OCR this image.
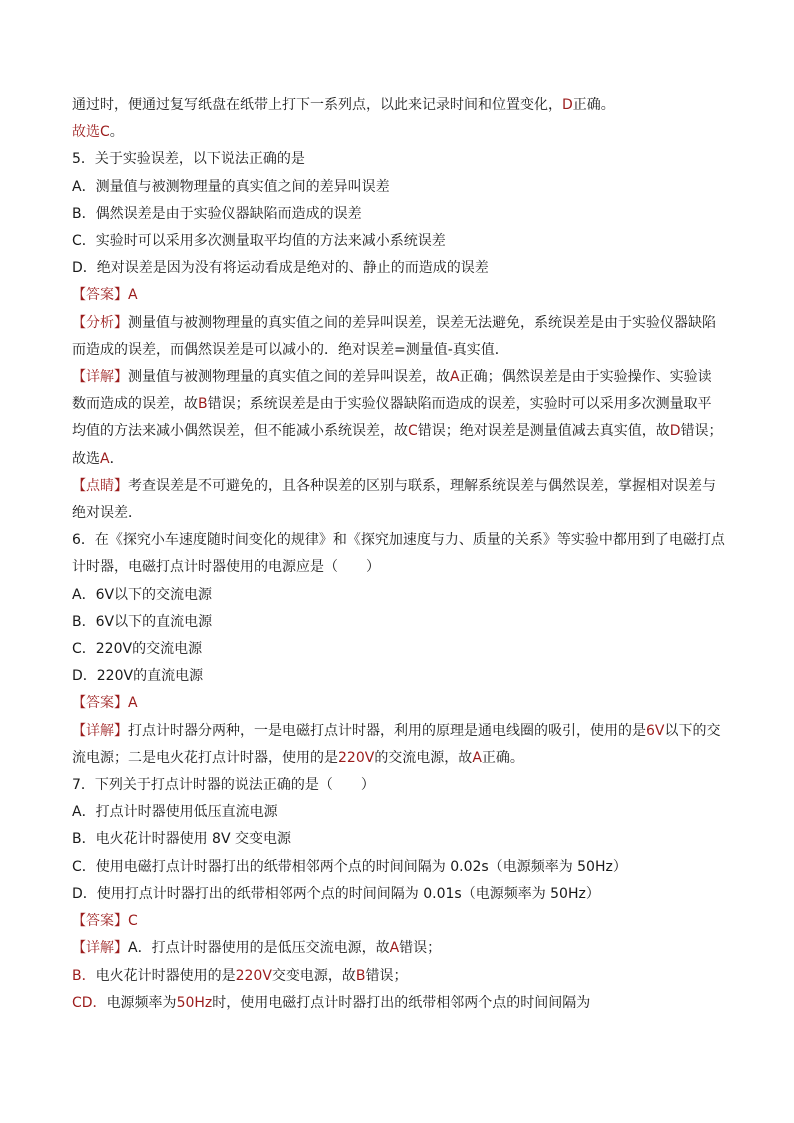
通过时，便通过复写纸盘在纸带上打下一系列点，以此来记录时间和位置变化，D正确。
故选C。
5．关于实验误差，以下说法正确的是
A．测量值与被测物理量的真实值之间的差异叫误差
B．偶然误差是由于实验仪器缺陷而造成的误差
C．实验时可以采用多次测量取平均值的方法来减小系统误差
D．绝对误差是因为没有将运动看成是绝对的、静止的而造成的误差
【答案】A
【分析】测量值与被测物理量的真实值之间的差异叫误差，误差无法避免，系统误差是由于实验仪器缺陷
而造成的误差，而偶然误差是可以减小的．绝对误差=测量值-真实值．
【详解】测量值与被测物理量的真实值之间的差异叫误差，故A正确；偶然误差是由于实验操作、实验读
数而造成的误差，故B错误；系统误差是由于实验仪器缺陷而造成的误差，实验时可以采用多次测量取平
均值的方法来减小偶然误差，但不能减小系统误差，故C错误；绝对误差是测量值减去真实值，故D错误；
故选A．
【点睛】考查误差是不可避免的，且各种误差的区别与联系，理解系统误差与偶然误差，掌握相对误差与
绝对误差．
6．在《探究小车速度随时间变化的规律》和《探究加速度与力、质量的关系》等实验中都用到了电磁打点
计时器，电磁打点计时器使用的电源应是（　　）
A．6V以下的交流电源
B．6V以下的直流电源
C．220V的交流电源
D．220V的直流电源
【答案】A
【详解】打点计时器分两种，一是电磁打点计时器，利用的原理是通电线圈的吸引，使用的是6V以下的交
流电源；二是电火花打点计时器，使用的是220V的交流电源，故A正确。
7．下列关于打点计时器的说法正确的是（　　）
A．打点计时器使用低压直流电源
B．电火花计时器使用 8V 交变电源
C．使用电磁打点计时器打出的纸带相邻两个点的时间间隔为 0.02s（电源频率为 50Hz）
D．使用打点计时器打出的纸带相邻两个点的时间间隔为 0.01s（电源频率为 50Hz）
【答案】C
【详解】A．打点计时器使用的是低压交流电源，故A错误；
B．电火花计时器使用的是220V交变电源，故B错误；
CD．电源频率为50Hz时，使用电磁打点计时器打出的纸带相邻两个点的时间间隔为
